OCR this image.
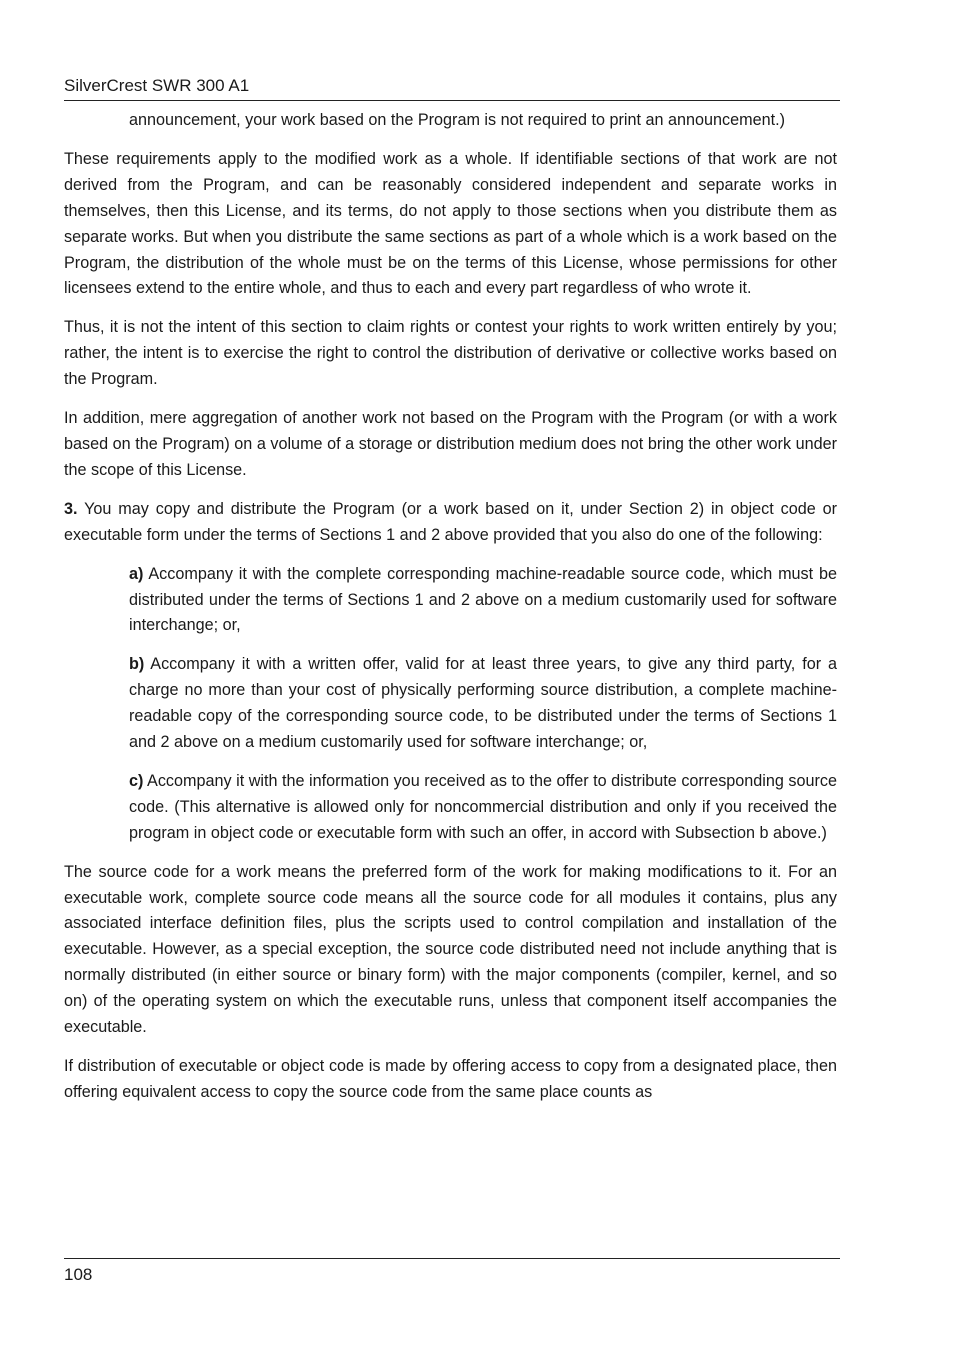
SilverCrest SWR 300 A1

announcement, your work based on the Program is not required to print an announcement.)

These requirements apply to the modified work as a whole. If identifiable sections of that work are not derived from the Program, and can be reasonably considered independent and separate works in themselves, then this License, and its terms, do not apply to those sections when you distribute them as separate works. But when you distribute the same sections as part of a whole which is a work based on the Program, the distribution of the whole must be on the terms of this License, whose permissions for other licensees extend to the entire whole, and thus to each and every part regardless of who wrote it.

Thus, it is not the intent of this section to claim rights or contest your rights to work written entirely by you; rather, the intent is to exercise the right to control the distribution of derivative or collective works based on the Program.

In addition, mere aggregation of another work not based on the Program with the Program (or with a work based on the Program) on a volume of a storage or distribution medium does not bring the other work under the scope of this License.

3. You may copy and distribute the Program (or a work based on it, under Section 2) in object code or executable form under the terms of Sections 1 and 2 above provided that you also do one of the following:

a) Accompany it with the complete corresponding machine-readable source code, which must be distributed under the terms of Sections 1 and 2 above on a medium customarily used for software interchange; or,

b) Accompany it with a written offer, valid for at least three years, to give any third party, for a charge no more than your cost of physically performing source distribution, a complete machine-readable copy of the corresponding source code, to be distributed under the terms of Sections 1 and 2 above on a medium customarily used for software interchange; or,

c) Accompany it with the information you received as to the offer to distribute corresponding source code. (This alternative is allowed only for noncommercial distribution and only if you received the program in object code or executable form with such an offer, in accord with Subsection b above.)

The source code for a work means the preferred form of the work for making modifications to it. For an executable work, complete source code means all the source code for all modules it contains, plus any associated interface definition files, plus the scripts used to control compilation and installation of the executable. However, as a special exception, the source code distributed need not include anything that is normally distributed (in either source or binary form) with the major components (compiler, kernel, and so on) of the operating system on which the executable runs, unless that component itself accompanies the executable.

If distribution of executable or object code is made by offering access to copy from a designated place, then offering equivalent access to copy the source code from the same place counts as

108
